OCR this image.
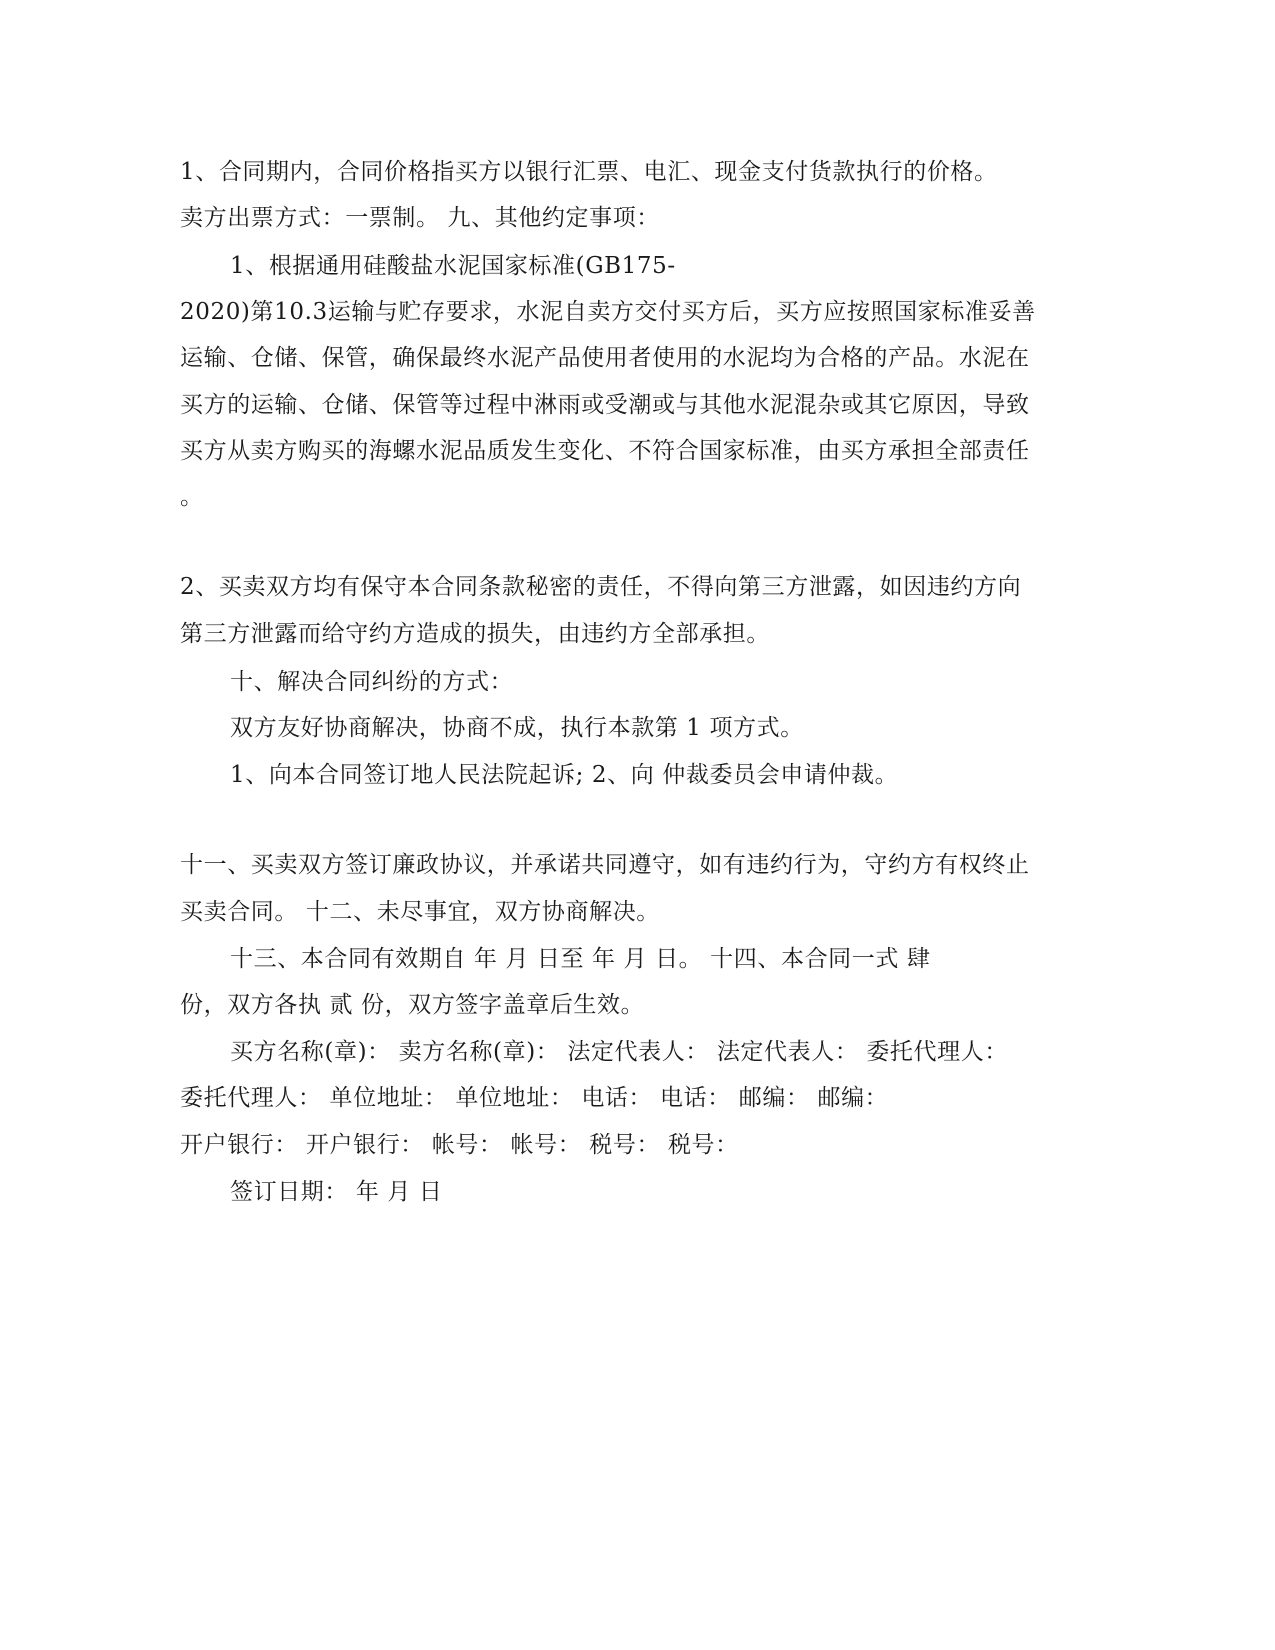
1、合同期内，合同价格指买方以银行汇票、电汇、现金支付货款执行的价格。
卖方出票方式：一票制。 九、其他约定事项：
1、根据通用硅酸盐水泥国家标准(GB175-
2020)第10.3运输与贮存要求，水泥自卖方交付买方后，买方应按照国家标准妥善
运输、仓储、保管，确保最终水泥产品使用者使用的水泥均为合格的产品。水泥在
买方的运输、仓储、保管等过程中淋雨或受潮或与其他水泥混杂或其它原因，导致
买方从卖方购买的海螺水泥品质发生变化、不符合国家标准，由买方承担全部责任
。
2、买卖双方均有保守本合同条款秘密的责任，不得向第三方泄露，如因违约方向
第三方泄露而给守约方造成的损失，由违约方全部承担。
十、解决合同纠纷的方式：
双方友好协商解决，协商不成，执行本款第 1 项方式。
1、向本合同签订地人民法院起诉; 2、向 仲裁委员会申请仲裁。
十一、买卖双方签订廉政协议，并承诺共同遵守，如有违约行为，守约方有权终止
买卖合同。 十二、未尽事宜，双方协商解决。
十三、本合同有效期自 年 月 日至 年 月 日。 十四、本合同一式 肆
份，双方各执 贰 份，双方签字盖章后生效。
买方名称(章)： 卖方名称(章)： 法定代表人： 法定代表人： 委托代理人：
委托代理人： 单位地址： 单位地址： 电话： 电话： 邮编： 邮编：
开户银行： 开户银行： 帐号： 帐号： 税号： 税号：
签订日期： 年 月 日
